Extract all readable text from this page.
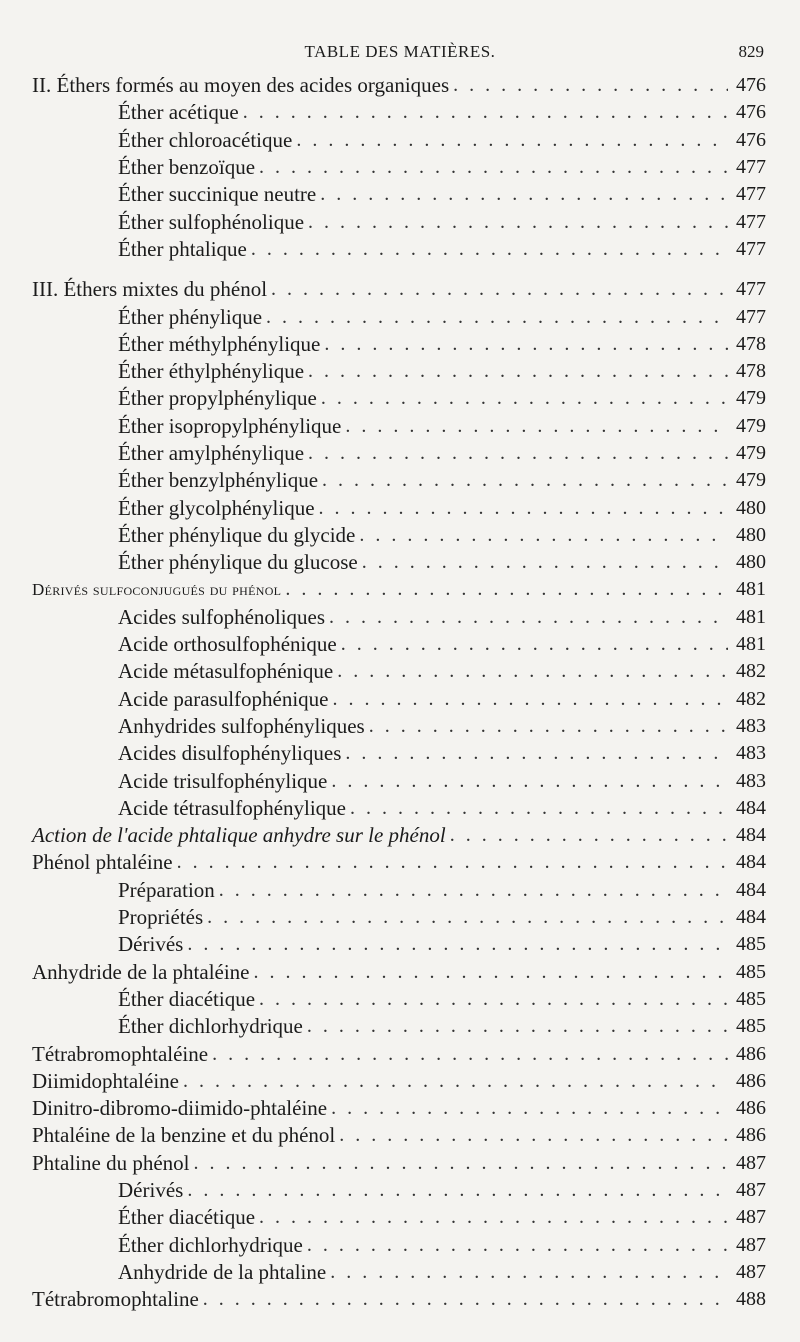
TABLE DES MATIÈRES.	829
II. Éthers formés au moyen des acides organiques . . .	476
Éther acétique . . .	476
Éther chloroacétique . . .	476
Éther benzoïque . . .	477
Éther succinique neutre . . .	477
Éther sulfophénolique . . .	477
Éther phtalique . . .	477
III. Éthers mixtes du phénol . . .	477
Éther phénylique . . .	477
Éther méthylphénylique . . .	478
Éther éthylphénylique . . .	478
Éther propylphénylique . . .	479
Éther isopropylphénylique . . .	479
Éther amylphénylique . . .	479
Éther benzylphénylique . . .	479
Éther glycolphénylique . . .	480
Éther phénylique du glycide . . .	480
Éther phénylique du glucose . . .	480
Dérivés sulfoconjugués du phénol . . .	481
Acides sulfophénoliques . . .	481
Acide orthosulfophénique . . .	481
Acide métasulfophénique . . .	482
Acide parasulfophénique . . .	482
Anhydrides sulfophényliques . . .	483
Acides disulfophényliques . . .	483
Acide trisulfophénylique . . .	483
Acide tétrasulfophénylique . . .	484
Action de l'acide phtalique anhydre sur le phénol . . .	484
Phénol phtaléine . . .	484
Préparation . . .	484
Propriétés . . .	484
Dérivés . . .	485
Anhydride de la phtaléine . . .	485
Éther diacétique . . .	485
Éther dichlorhydrique . . .	485
Tétrabromophtaléine . . .	486
Diimidophtaléine . . .	486
Dinitro-dibromo-diimido-phtaléine . . .	486
Phtaléine de la benzine et du phénol . . .	486
Phtaline du phénol . . .	487
Dérivés . . .	487
Éther diacétique . . .	487
Éther dichlorhydrique . . .	487
Anhydride de la phtaline . . .	487
Tétrabromophtaline . . .	488
